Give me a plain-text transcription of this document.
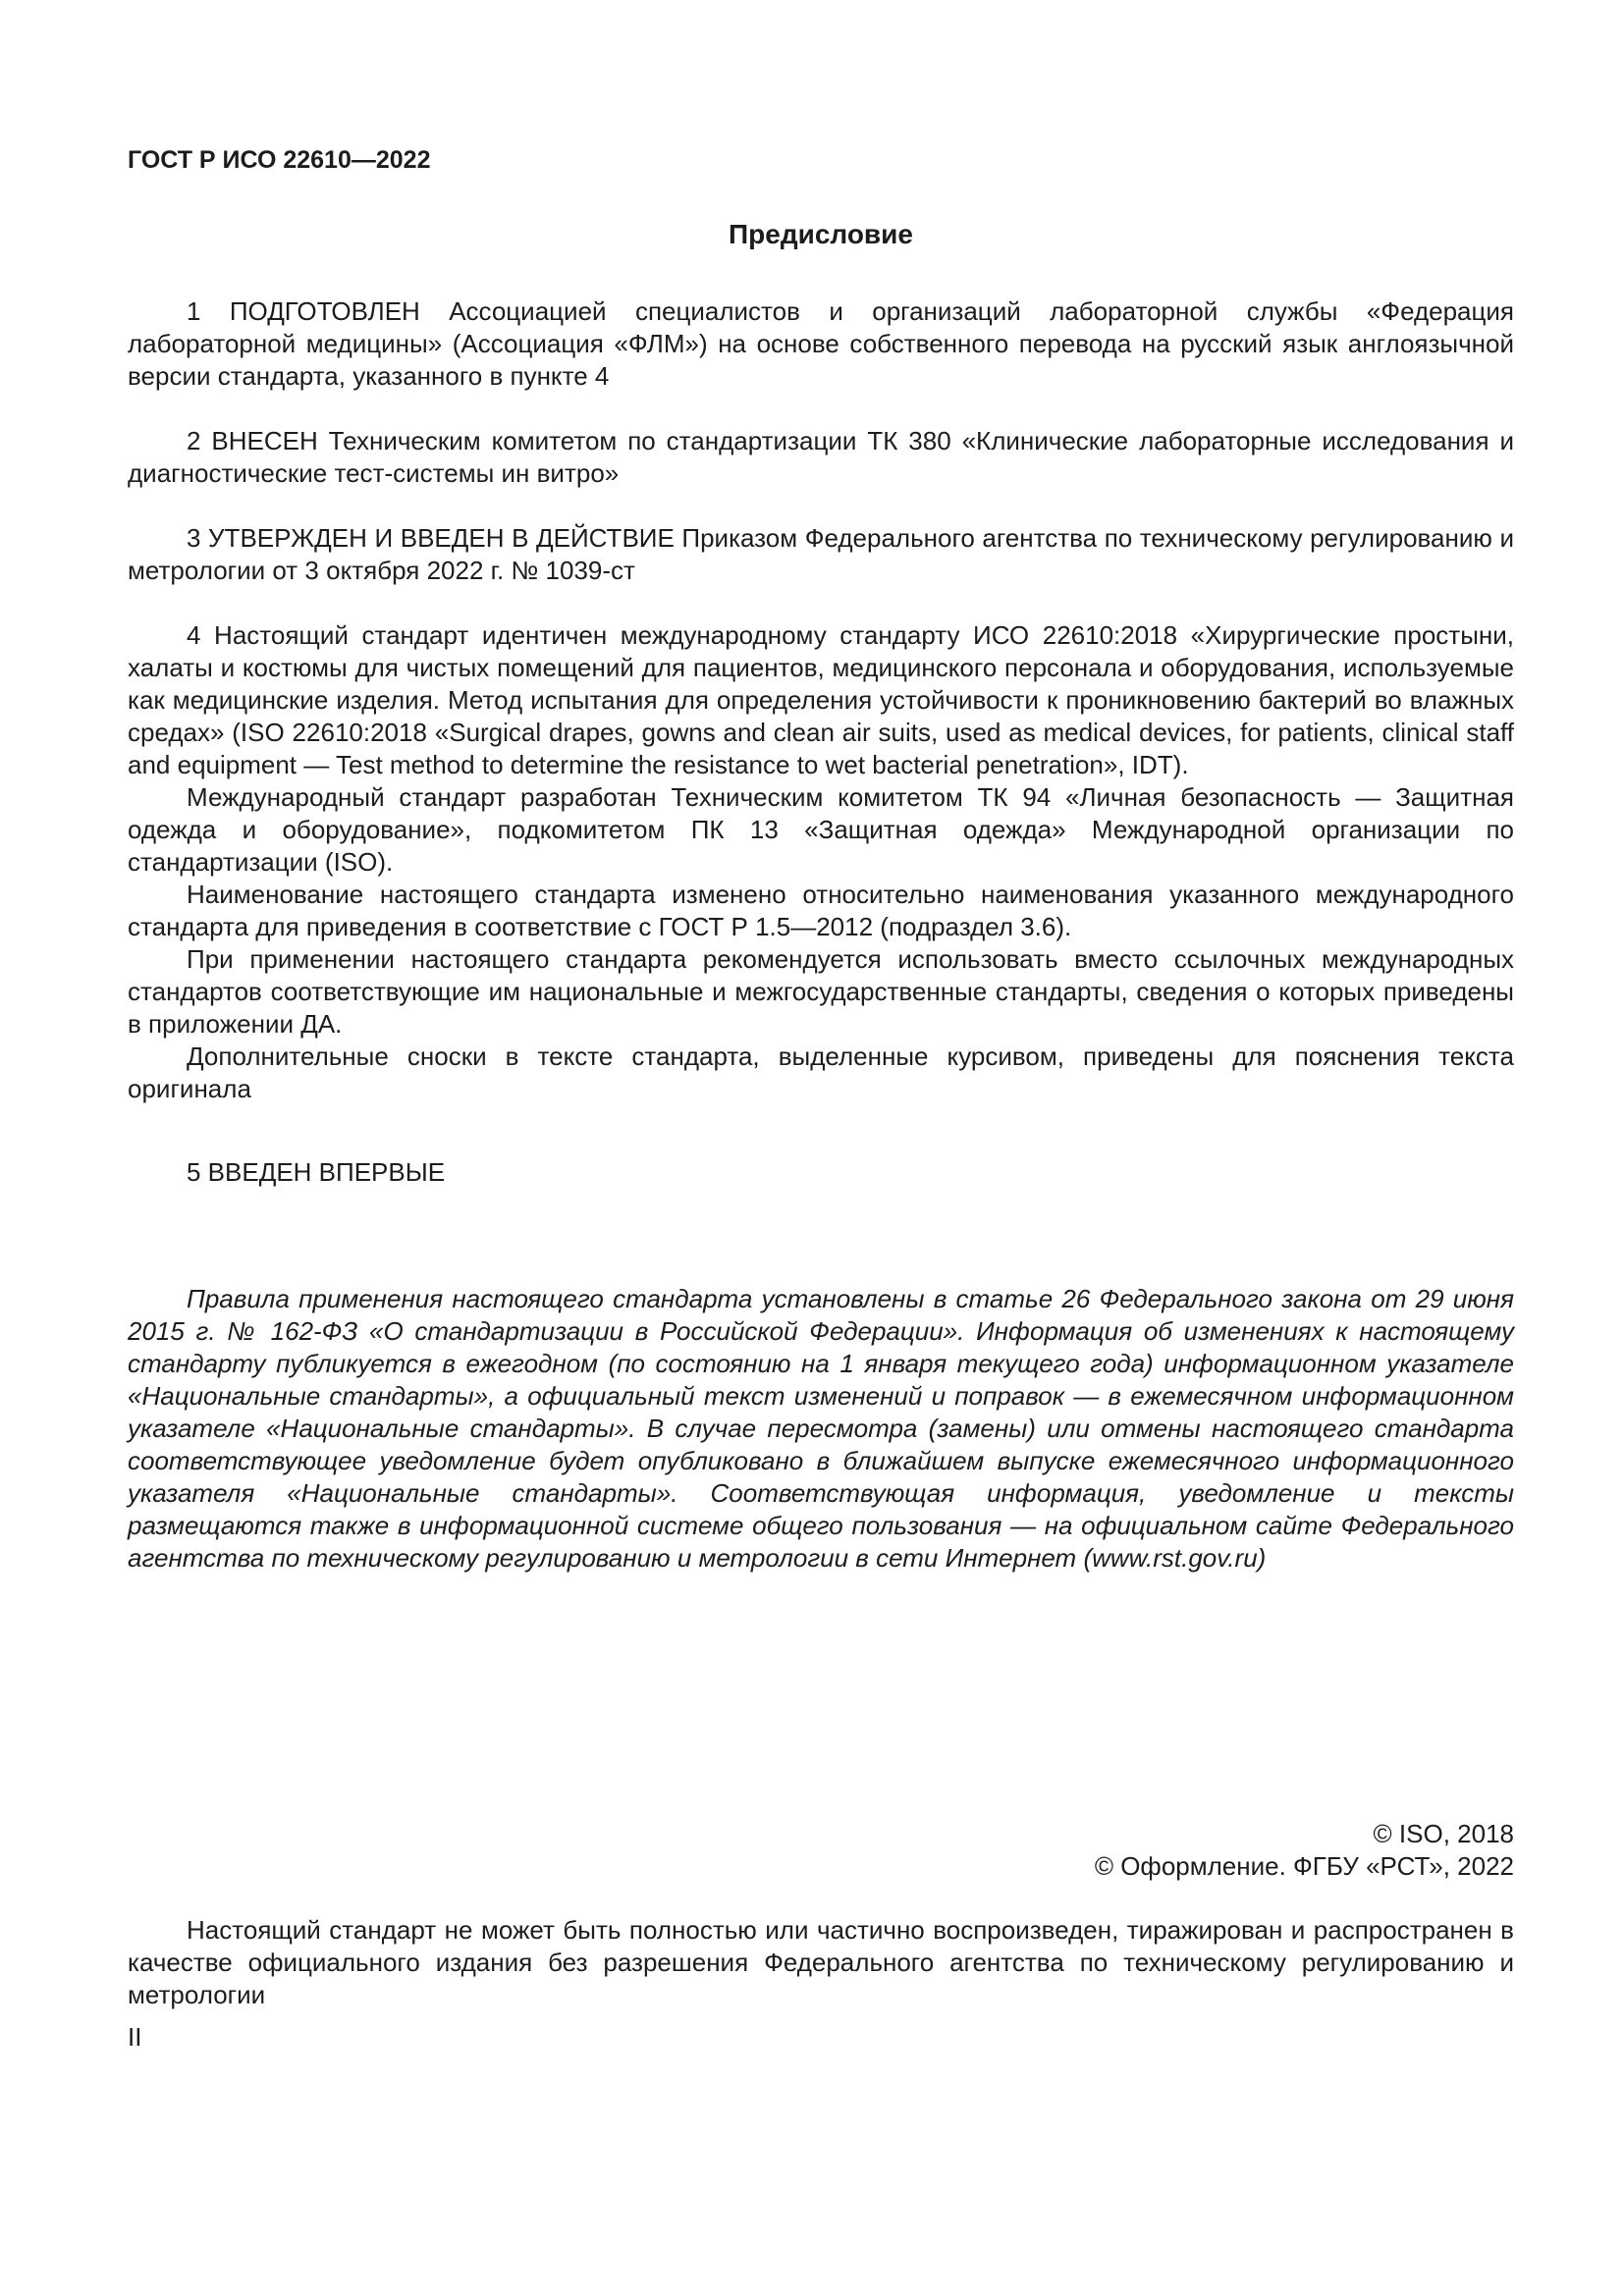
ГОСТ Р ИСО 22610—2022
Предисловие

1 ПОДГОТОВЛЕН Ассоциацией специалистов и организаций лабораторной службы «Федерация лабораторной медицины» (Ассоциация «ФЛМ») на основе собственного перевода на русский язык англоязычной версии стандарта, указанного в пункте 4

2 ВНЕСЕН Техническим комитетом по стандартизации ТК 380 «Клинические лабораторные исследования и диагностические тест-системы ин витро»

3 УТВЕРЖДЕН И ВВЕДЕН В ДЕЙСТВИЕ Приказом Федерального агентства по техническому регулированию и метрологии от 3 октября 2022 г. № 1039-ст

4 Настоящий стандарт идентичен международному стандарту ИСО 22610:2018 «Хирургические простыни, халаты и костюмы для чистых помещений для пациентов, медицинского персонала и оборудования, используемые как медицинские изделия. Метод испытания для определения устойчивости к проникновению бактерий во влажных средах» (ISO 22610:2018 «Surgical drapes, gowns and clean air suits, used as medical devices, for patients, clinical staff and equipment — Test method to determine the resistance to wet bacterial penetration», IDT).

Международный стандарт разработан Техническим комитетом ТК 94 «Личная безопасность — Защитная одежда и оборудование», подкомитетом ПК 13 «Защитная одежда» Международной организации по стандартизации (ISO).

Наименование настоящего стандарта изменено относительно наименования указанного международного стандарта для приведения в соответствие с ГОСТ Р 1.5—2012 (подраздел 3.6).

При применении настоящего стандарта рекомендуется использовать вместо ссылочных международных стандартов соответствующие им национальные и межгосударственные стандарты, сведения о которых приведены в приложении ДА.

Дополнительные сноски в тексте стандарта, выделенные курсивом, приведены для пояснения текста оригинала

5 ВВЕДЕН ВПЕРВЫЕ

Правила применения настоящего стандарта установлены в статье 26 Федерального закона от 29 июня 2015 г. № 162-ФЗ «О стандартизации в Российской Федерации». Информация об изменениях к настоящему стандарту публикуется в ежегодном (по состоянию на 1 января текущего года) информационном указателе «Национальные стандарты», а официальный текст изменений и поправок — в ежемесячном информационном указателе «Национальные стандарты». В случае пересмотра (замены) или отмены настоящего стандарта соответствующее уведомление будет опубликовано в ближайшем выпуске ежемесячного информационного указателя «Национальные стандарты». Соответствующая информация, уведомление и тексты размещаются также в информационной системе общего пользования — на официальном сайте Федерального агентства по техническому регулированию и метрологии в сети Интернет (www.rst.gov.ru)

© ISO, 2018
© Оформление. ФГБУ «РСТ», 2022

Настоящий стандарт не может быть полностью или частично воспроизведен, тиражирован и распространен в качестве официального издания без разрешения Федерального агентства по техническому регулированию и метрологии

II
